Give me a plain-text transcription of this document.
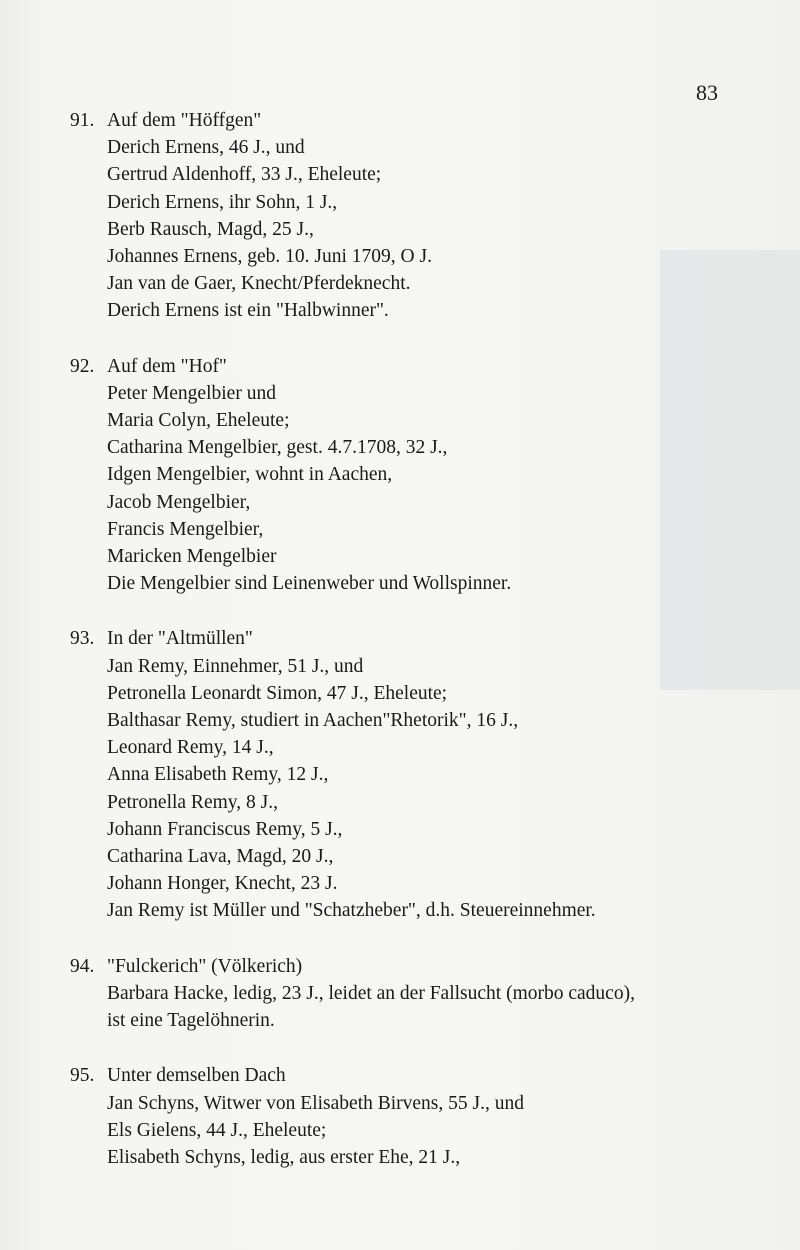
83
91. Auf dem "Höffgen"
Derich Ernens, 46 J., und
Gertrud Aldenhoff, 33 J., Eheleute;
Derich Ernens, ihr Sohn, 1 J.,
Berb Rausch, Magd, 25 J.,
Johannes Ernens, geb. 10. Juni 1709, O J.
Jan van de Gaer, Knecht/Pferdeknecht.
Derich Ernens ist ein "Halbwinner".
92. Auf dem "Hof"
Peter Mengelbier und
Maria Colyn, Eheleute;
Catharina Mengelbier, gest. 4.7.1708, 32 J.,
Idgen Mengelbier, wohnt in Aachen,
Jacob Mengelbier,
Francis Mengelbier,
Maricken Mengelbier
Die Mengelbier sind Leinenweber und Wollspinner.
93. In der "Altmüllen"
Jan Remy, Einnehmer, 51 J., und
Petronella Leonardt Simon, 47 J., Eheleute;
Balthasar Remy, studiert in Aachen"Rhetorik", 16 J.,
Leonard Remy, 14 J.,
Anna Elisabeth Remy, 12 J.,
Petronella Remy, 8 J.,
Johann Franciscus Remy, 5 J.,
Catharina Lava, Magd, 20 J.,
Johann Honger, Knecht, 23 J.
Jan Remy ist Müller und "Schatzheber", d.h. Steuereinnehmer.
94. "Fulckerich" (Völkerich)
Barbara Hacke, ledig, 23 J., leidet an der Fallsucht (morbo caduco),
ist eine Tagelöhnerin.
95. Unter demselben Dach
Jan Schyns, Witwer von Elisabeth Birvens, 55 J., und
Els Gielens, 44 J., Eheleute;
Elisabeth Schyns, ledig, aus erster Ehe, 21 J.,
